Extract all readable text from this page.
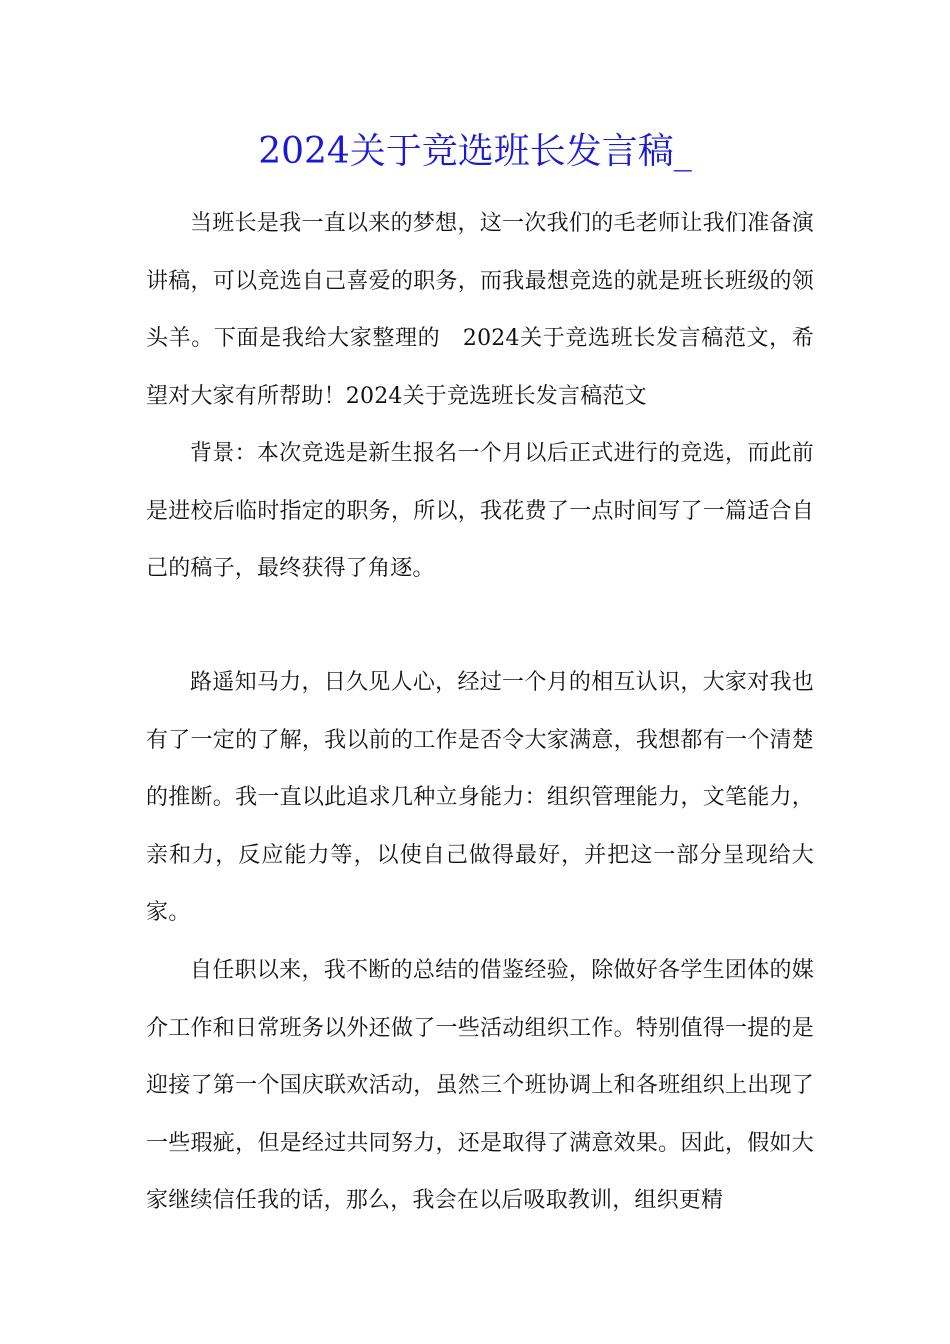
2024关于竞选班长发言稿_

当班长是我一直以来的梦想，这一次我们的毛老师让我们准备演讲稿，可以竞选自己喜爱的职务，而我最想竞选的就是班长班级的领头羊。下面是我给大家整理的　2024关于竞选班长发言稿范文，希望对大家有所帮助！2024关于竞选班长发言稿范文

背景：本次竞选是新生报名一个月以后正式进行的竞选，而此前是进校后临时指定的职务，所以，我花费了一点时间写了一篇适合自己的稿子，最终获得了角逐。

路遥知马力，日久见人心，经过一个月的相互认识，大家对我也有了一定的了解，我以前的工作是否令大家满意，我想都有一个清楚的推断。我一直以此追求几种立身能力：组织管理能力，文笔能力，亲和力，反应能力等，以使自己做得最好，并把这一部分呈现给大家。

自任职以来，我不断的总结的借鉴经验，除做好各学生团体的媒介工作和日常班务以外还做了一些活动组织工作。特别值得一提的是迎接了第一个国庆联欢活动，虽然三个班协调上和各班组织上出现了一些瑕疵，但是经过共同努力，还是取得了满意效果。因此，假如大家继续信任我的话，那么，我会在以后吸取教训，组织更精
